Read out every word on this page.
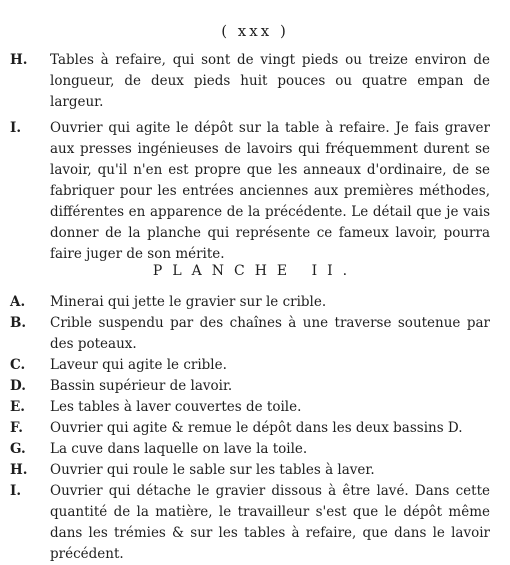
( xxx )
H. Tables à refaire, qui sont de vingt pieds ou treize environ de longueur, de deux pieds huit pouces ou quatre empan de largeur.
I. Ouvrier qui agite le dépôt sur la table à refaire. Je fais graver aux presses ingénieuses de lavoirs qui fréquemment durent se lavoir, qu'il n'en est propre que les anneaux d'ordinaire, de se fabriquer pour les entrées anciennes aux premières méthodes, différentes en apparence de la précédente. Le détail que je vais donner de la planche qui représente ce fameux lavoir, pourra faire juger de son mérite.
PLANCHE II.
A. Minerai qui jette le gravier sur le crible.
B. Crible suspendu par des chaînes à une traverse soutenue par des poteaux.
C. Laveur qui agite le crible.
D. Bassin supérieur de lavoir.
E. Les tables à laver couvertes de toile.
F. Ouvrier qui agite & remue le dépôt dans les deux bassins D.
G. La cuve dans laquelle on lave la toile.
H. Ouvrier qui roule le sable sur les tables à laver.
I. Ouvrier qui détache le gravier dissous à être lavé. Dans cette quantité de la matière, le travailleur s'est que le dépôt même dans les trémies & sur les tables à refaire, que dans le lavoir précédent.
